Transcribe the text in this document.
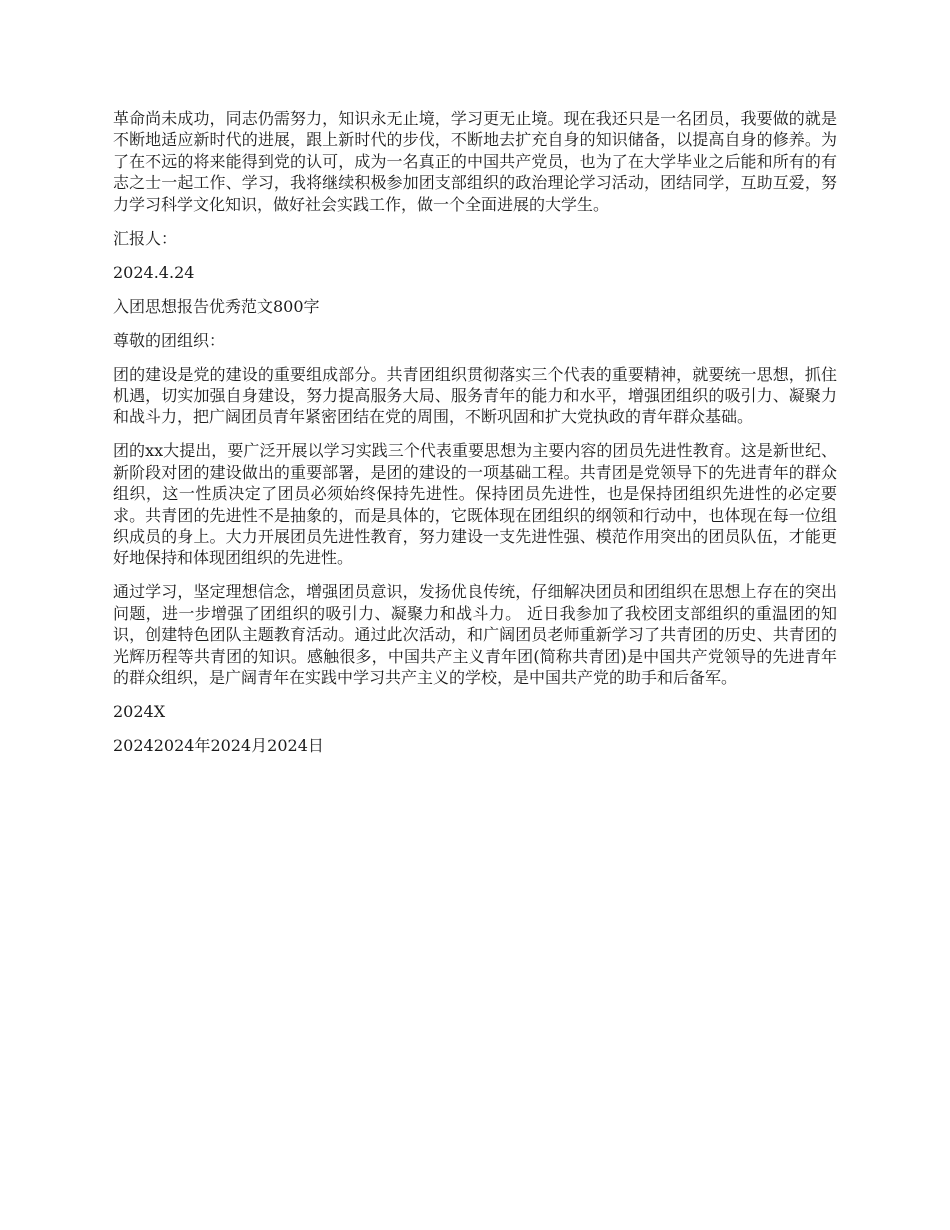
革命尚未成功，同志仍需努力，知识永无止境，学习更无止境。现在我还只是一名团员，我要做的就是不断地适应新时代的进展，跟上新时代的步伐，不断地去扩充自身的知识储备，以提高自身的修养。为了在不远的将来能得到党的认可，成为一名真正的中国共产党员，也为了在大学毕业之后能和所有的有志之士一起工作、学习，我将继续积极参加团支部组织的政治理论学习活动，团结同学，互助互爱，努力学习科学文化知识，做好社会实践工作，做一个全面进展的大学生。

汇报人：

2024.4.24

入团思想报告优秀范文800字

尊敬的团组织：

团的建设是党的建设的重要组成部分。共青团组织贯彻落实三个代表的重要精神，就要统一思想，抓住机遇，切实加强自身建设，努力提高服务大局、服务青年的能力和水平，增强团组织的吸引力、凝聚力和战斗力，把广阔团员青年紧密团结在党的周围，不断巩固和扩大党执政的青年群众基础。

团的xx大提出，要广泛开展以学习实践三个代表重要思想为主要内容的团员先进性教育。这是新世纪、新阶段对团的建设做出的重要部署，是团的建设的一项基础工程。共青团是党领导下的先进青年的群众组织，这一性质决定了团员必须始终保持先进性。保持团员先进性，也是保持团组织先进性的必定要求。共青团的先进性不是抽象的，而是具体的，它既体现在团组织的纲领和行动中，也体现在每一位组织成员的身上。大力开展团员先进性教育，努力建设一支先进性强、模范作用突出的团员队伍，才能更好地保持和体现团组织的先进性。

通过学习，坚定理想信念，增强团员意识，发扬优良传统，仔细解决团员和团组织在思想上存在的突出问题，进一步增强了团组织的吸引力、凝聚力和战斗力。 近日我参加了我校团支部组织的重温团的知识，创建特色团队主题教育活动。通过此次活动，和广阔团员老师重新学习了共青团的历史、共青团的光辉历程等共青团的知识。感触很多，中国共产主义青年团(简称共青团)是中国共产党领导的先进青年的群众组织，是广阔青年在实践中学习共产主义的学校，是中国共产党的助手和后备军。

2024X

20242024年2024月2024日
